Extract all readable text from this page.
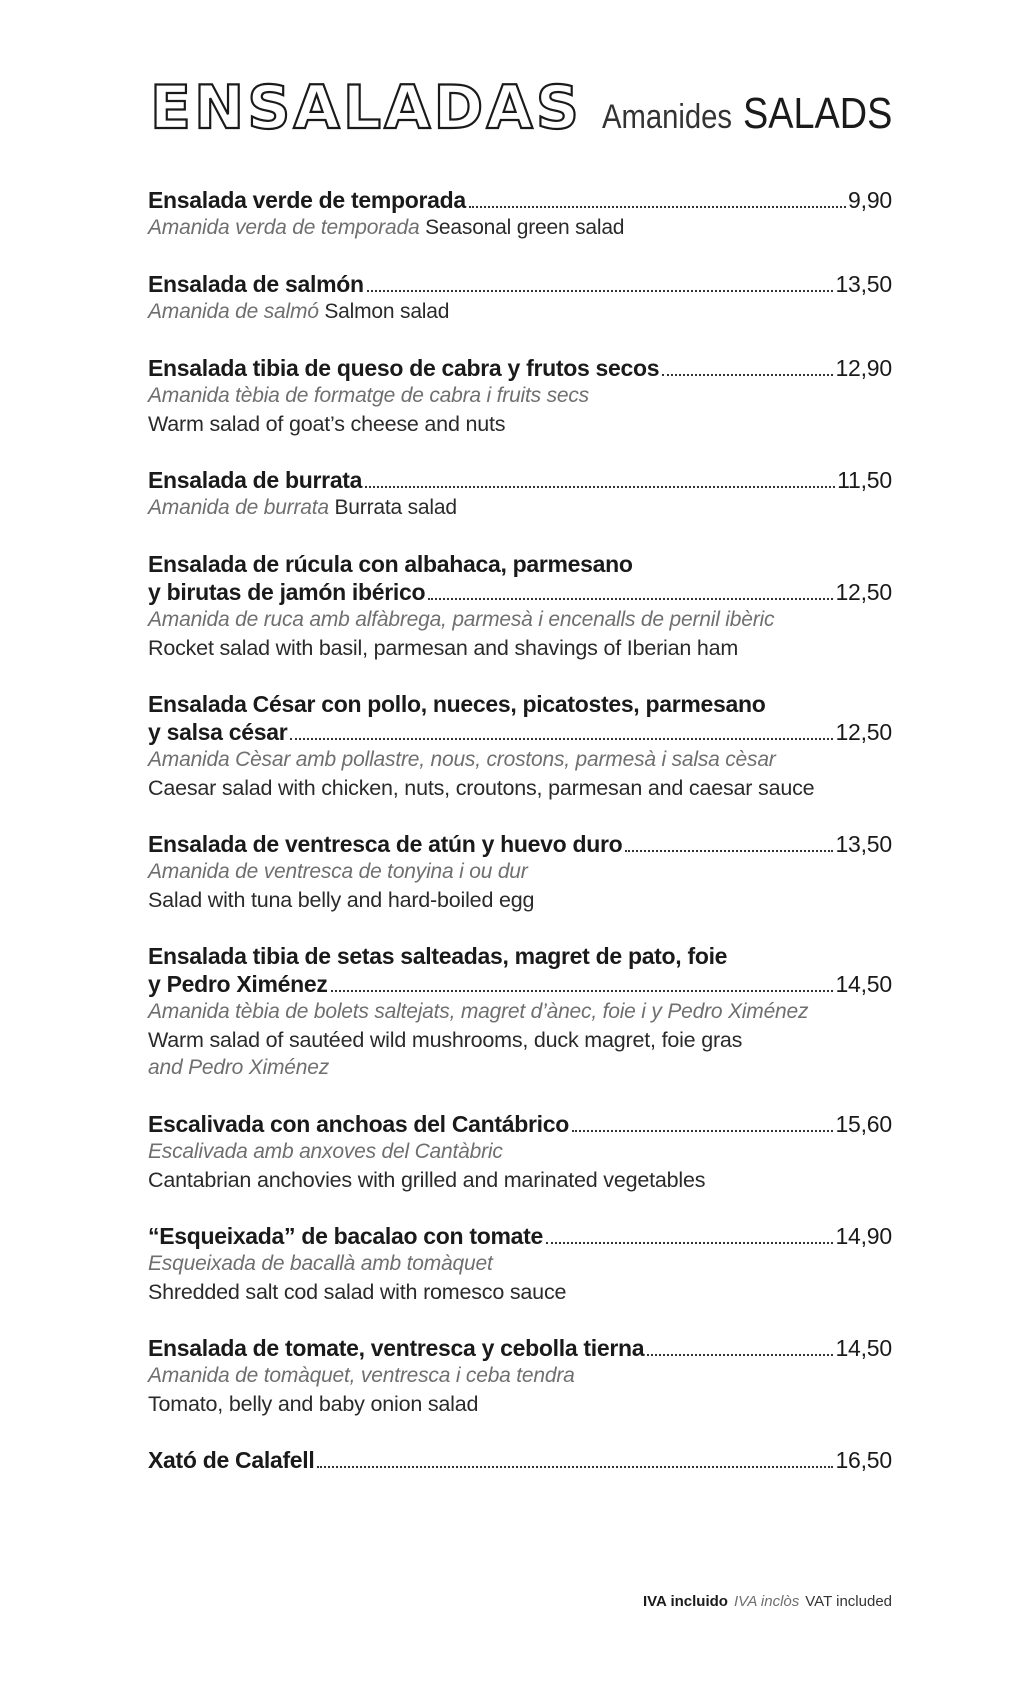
ENSALADAS Amanides SALADS
Ensalada verde de temporada	9,90
Amanida verda de temporada Seasonal green salad
Ensalada de salmón	13,50
Amanida de salmó Salmon salad
Ensalada tibia de queso de cabra y frutos secos	12,90
Amanida tèbia de formatge de cabra i fruits secs
Warm salad of goat’s cheese and nuts
Ensalada de burrata	11,50
Amanida de burrata Burrata salad
Ensalada de rúcula con albahaca, parmesano
y birutas de jamón ibérico	12,50
Amanida de ruca amb alfàbrega, parmesà i encenalls de pernil ibèric
Rocket salad with basil, parmesan and shavings of Iberian ham
Ensalada César con pollo, nueces, picatostes, parmesano
y salsa césar	12,50
Amanida Cèsar amb pollastre, nous, crostons, parmesà i salsa cèsar
Caesar salad with chicken, nuts, croutons, parmesan and caesar sauce
Ensalada de ventresca de atún y huevo duro	13,50
Amanida de ventresca de tonyina i ou dur
Salad with tuna belly and hard-boiled egg
Ensalada tibia de setas salteadas, magret de pato, foie
y Pedro Ximénez	14,50
Amanida tèbia de bolets saltejats, magret d’ànec, foie i y Pedro Ximénez
Warm salad of sautéed wild mushrooms, duck magret, foie gras
and Pedro Ximénez
Escalivada con anchoas del Cantábrico	15,60
Escalivada amb anxoves del Cantàbric
Cantabrian anchovies with grilled and marinated vegetables
“Esqueixada” de bacalao con tomate	14,90
Esqueixada de bacallà amb tomàquet
Shredded salt cod salad with romesco sauce
Ensalada de tomate, ventresca y cebolla tierna	14,50
Amanida de tomàquet, ventresca i ceba tendra
Tomato, belly and baby onion salad
Xató de Calafell	16,50
IVA incluido IVA inclòs VAT included
